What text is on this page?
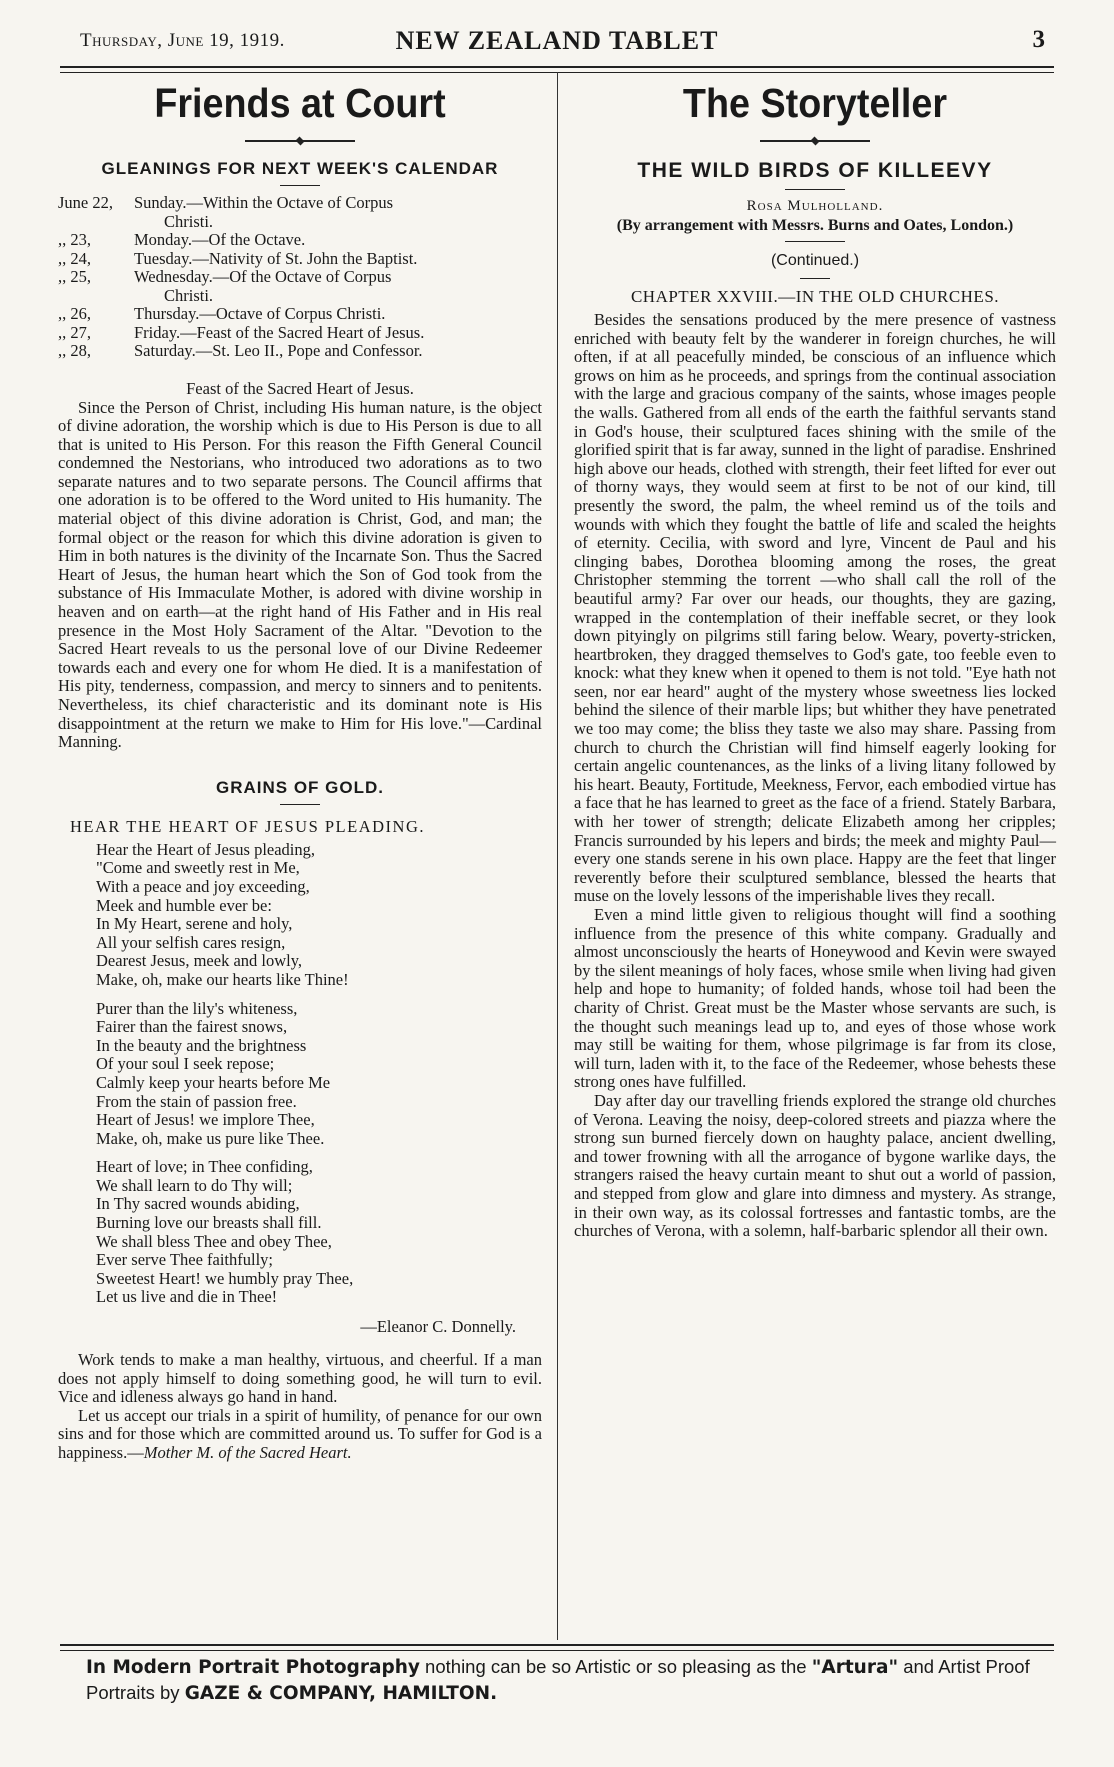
Thursday, June 19, 1919.	NEW ZEALAND TABLET	3
Friends at Court
GLEANINGS FOR NEXT WEEK'S CALENDAR
June 22,	Sunday.—Within the Octave of Corpus
Christi.
,, 23,	Monday.—Of the Octave.
,, 24,	Tuesday.—Nativity of St. John the Baptist.
,, 25,	Wednesday.—Of the Octave of Corpus
Christi.
,, 26,	Thursday.—Octave of Corpus Christi.
,, 27,	Friday.—Feast of the Sacred Heart of Jesus.
,, 28,	Saturday.—St. Leo II., Pope and Confessor.
Feast of the Sacred Heart of Jesus.

Since the Person of Christ, including His human nature, is the object of divine adoration, the worship which is due to His Person is due to all that is united to His Person. For this reason the Fifth General Council condemned the Nestorians, who introduced two adorations as to two separate natures and to two separate persons. The Council affirms that one adoration is to be offered to the Word united to His humanity. The material object of this divine adoration is Christ, God, and man; the formal object or the reason for which this divine adoration is given to Him in both natures is the divinity of the Incarnate Son. Thus the Sacred Heart of Jesus, the human heart which the Son of God took from the substance of His Immaculate Mother, is adored with divine worship in heaven and on earth—at the right hand of His Father and in His real presence in the Most Holy Sacrament of the Altar. "Devotion to the Sacred Heart reveals to us the personal love of our Divine Redeemer towards each and every one for whom He died. It is a manifestation of His pity, tenderness, compassion, and mercy to sinners and to penitents. Nevertheless, its chief characteristic and its dominant note is His disappointment at the return we make to Him for His love."—Cardinal Manning.

GRAINS OF GOLD.
HEAR THE HEART OF JESUS PLEADING.
Hear the Heart of Jesus pleading,
"Come and sweetly rest in Me,
With a peace and joy exceeding,
Meek and humble ever be:
In My Heart, serene and holy,
All your selfish cares resign,
Dearest Jesus, meek and lowly,
Make, oh, make our hearts like Thine!
Purer than the lily's whiteness,
Fairer than the fairest snows,
In the beauty and the brightness
Of your soul I seek repose;
Calmly keep your hearts before Me
From the stain of passion free.
Heart of Jesus! we implore Thee,
Make, oh, make us pure like Thee.
Heart of love; in Thee confiding,
We shall learn to do Thy will;
In Thy sacred wounds abiding,
Burning love our breasts shall fill.
We shall bless Thee and obey Thee,
Ever serve Thee faithfully;
Sweetest Heart! we humbly pray Thee,
Let us live and die in Thee!
—Eleanor C. Donnelly.

Work tends to make a man healthy, virtuous, and cheerful. If a man does not apply himself to doing something good, he will turn to evil. Vice and idleness always go hand in hand.

Let us accept our trials in a spirit of humility, of penance for our own sins and for those which are committed around us. To suffer for God is a happiness.—Mother M. of the Sacred Heart.

The Storyteller
THE WILD BIRDS OF KILLEEVY
Rosa Mulholland.

(By arrangement with Messrs. Burns and Oates, London.)

(Continued.)
CHAPTER XXVIII.—IN THE OLD CHURCHES.

Besides the sensations produced by the mere presence of vastness enriched with beauty felt by the wanderer in foreign churches, he will often, if at all peacefully minded, be conscious of an influence which grows on him as he proceeds, and springs from the continual association with the large and gracious company of the saints, whose images people the walls. Gathered from all ends of the earth the faithful servants stand in God's house, their sculptured faces shining with the smile of the glorified spirit that is far away, sunned in the light of paradise. Enshrined high above our heads, clothed with strength, their feet lifted for ever out of thorny ways, they would seem at first to be not of our kind, till presently the sword, the palm, the wheel remind us of the toils and wounds with which they fought the battle of life and scaled the heights of eternity. Cecilia, with sword and lyre, Vincent de Paul and his clinging babes, Dorothea blooming among the roses, the great Christopher stemming the torrent —who shall call the roll of the beautiful army? Far over our heads, our thoughts, they are gazing, wrapped in the contemplation of their ineffable secret, or they look down pityingly on pilgrims still faring below. Weary, poverty-stricken, heartbroken, they dragged themselves to God's gate, too feeble even to knock: what they knew when it opened to them is not told. "Eye hath not seen, nor ear heard" aught of the mystery whose sweetness lies locked behind the silence of their marble lips; but whither they have penetrated we too may come; the bliss they taste we also may share. Passing from church to church the Christian will find himself eagerly looking for certain angelic countenances, as the links of a living litany followed by his heart. Beauty, Fortitude, Meekness, Fervor, each embodied virtue has a face that he has learned to greet as the face of a friend. Stately Barbara, with her tower of strength; delicate Elizabeth among her cripples; Francis surrounded by his lepers and birds; the meek and mighty Paul—every one stands serene in his own place. Happy are the feet that linger reverently before their sculptured semblance, blessed the hearts that muse on the lovely lessons of the imperishable lives they recall.

Even a mind little given to religious thought will find a soothing influence from the presence of this white company. Gradually and almost unconsciously the hearts of Honeywood and Kevin were swayed by the silent meanings of holy faces, whose smile when living had given help and hope to humanity; of folded hands, whose toil had been the charity of Christ. Great must be the Master whose servants are such, is the thought such meanings lead up to, and eyes of those whose work may still be waiting for them, whose pilgrimage is far from its close, will turn, laden with it, to the face of the Redeemer, whose behests these strong ones have fulfilled.

Day after day our travelling friends explored the strange old churches of Verona. Leaving the noisy, deep-colored streets and piazza where the strong sun burned fiercely down on haughty palace, ancient dwelling, and tower frowning with all the arrogance of bygone warlike days, the strangers raised the heavy curtain meant to shut out a world of passion, and stepped from glow and glare into dimness and mystery. As strange, in their own way, as its colossal fortresses and fantastic tombs, are the churches of Verona, with a solemn, half-barbaric splendor all their own.

In Modern Portrait Photography nothing can be so Artistic or so pleasing as the "Artura" and Artist Proof Portraits by GAZE & COMPANY, HAMILTON.
